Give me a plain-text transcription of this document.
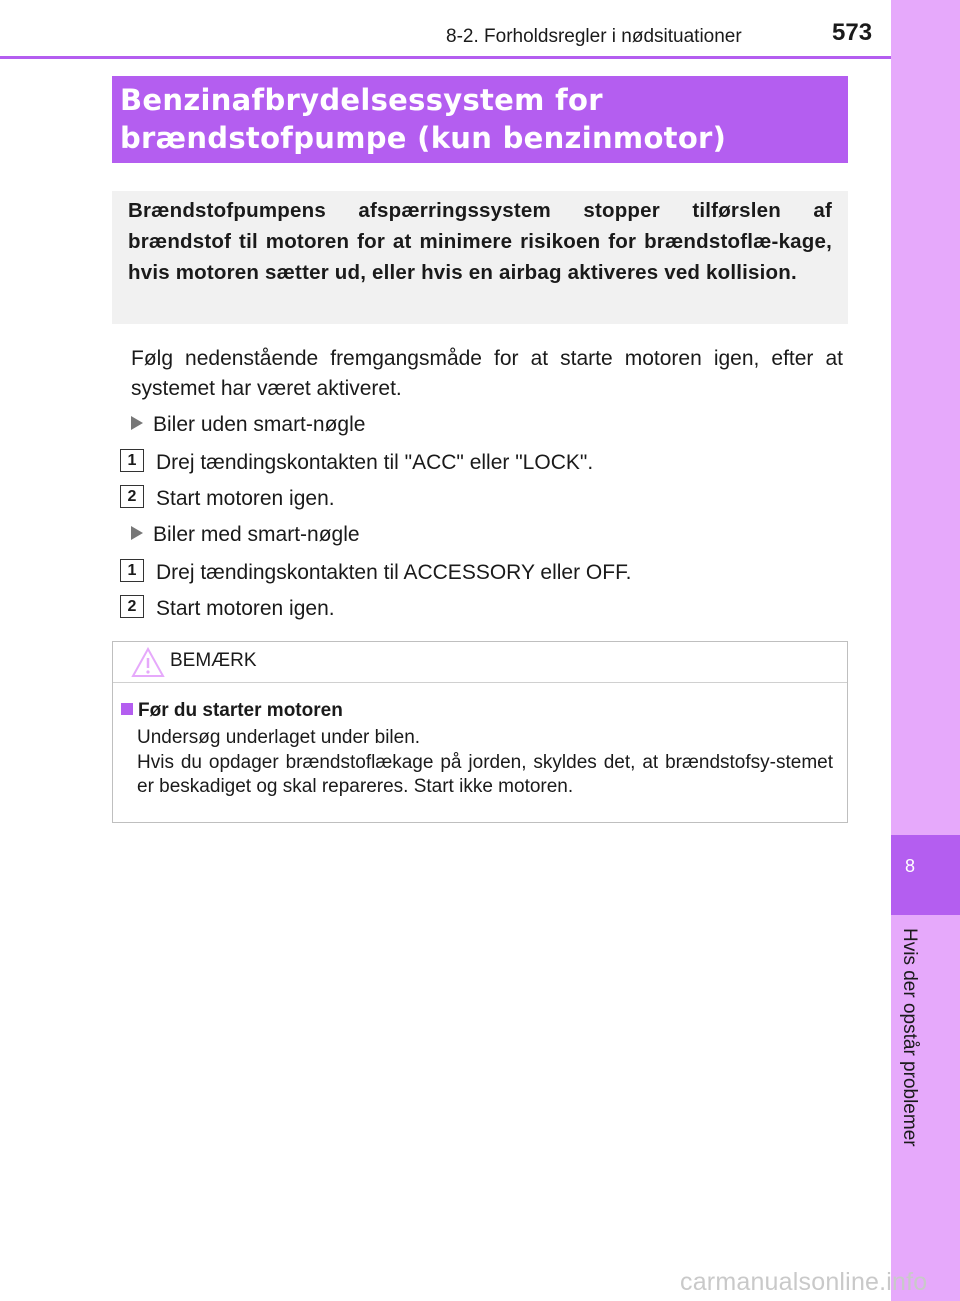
8-2. Forholdsregler i nødsituationer	573
8
Hvis der opstår problemer
Benzinafbrydelsessystem for
brændstofpumpe (kun benzinmotor)

Brændstofpumpens afspærringssystem stopper tilførslen af brændstof til motoren for at minimere risikoen for brændstoflæ-kage, hvis motoren sætter ud, eller hvis en airbag aktiveres ved kollision.

Følg nedenstående fremgangsmåde for at starte motoren igen, efter at systemet har været aktiveret.

Biler uden smart-nøgle
1 Drej tændingskontakten til "ACC" eller "LOCK".
2 Start motoren igen.
Biler med smart-nøgle
1 Drej tændingskontakten til ACCESSORY eller OFF.
2 Start motoren igen.
BEMÆRK
Før du starter motoren
Undersøg underlaget under bilen.
Hvis du opdager brændstoflækage på jorden, skyldes det, at brændstofsy-stemet er beskadiget og skal repareres. Start ikke motoren.
carmanualsonline.info
